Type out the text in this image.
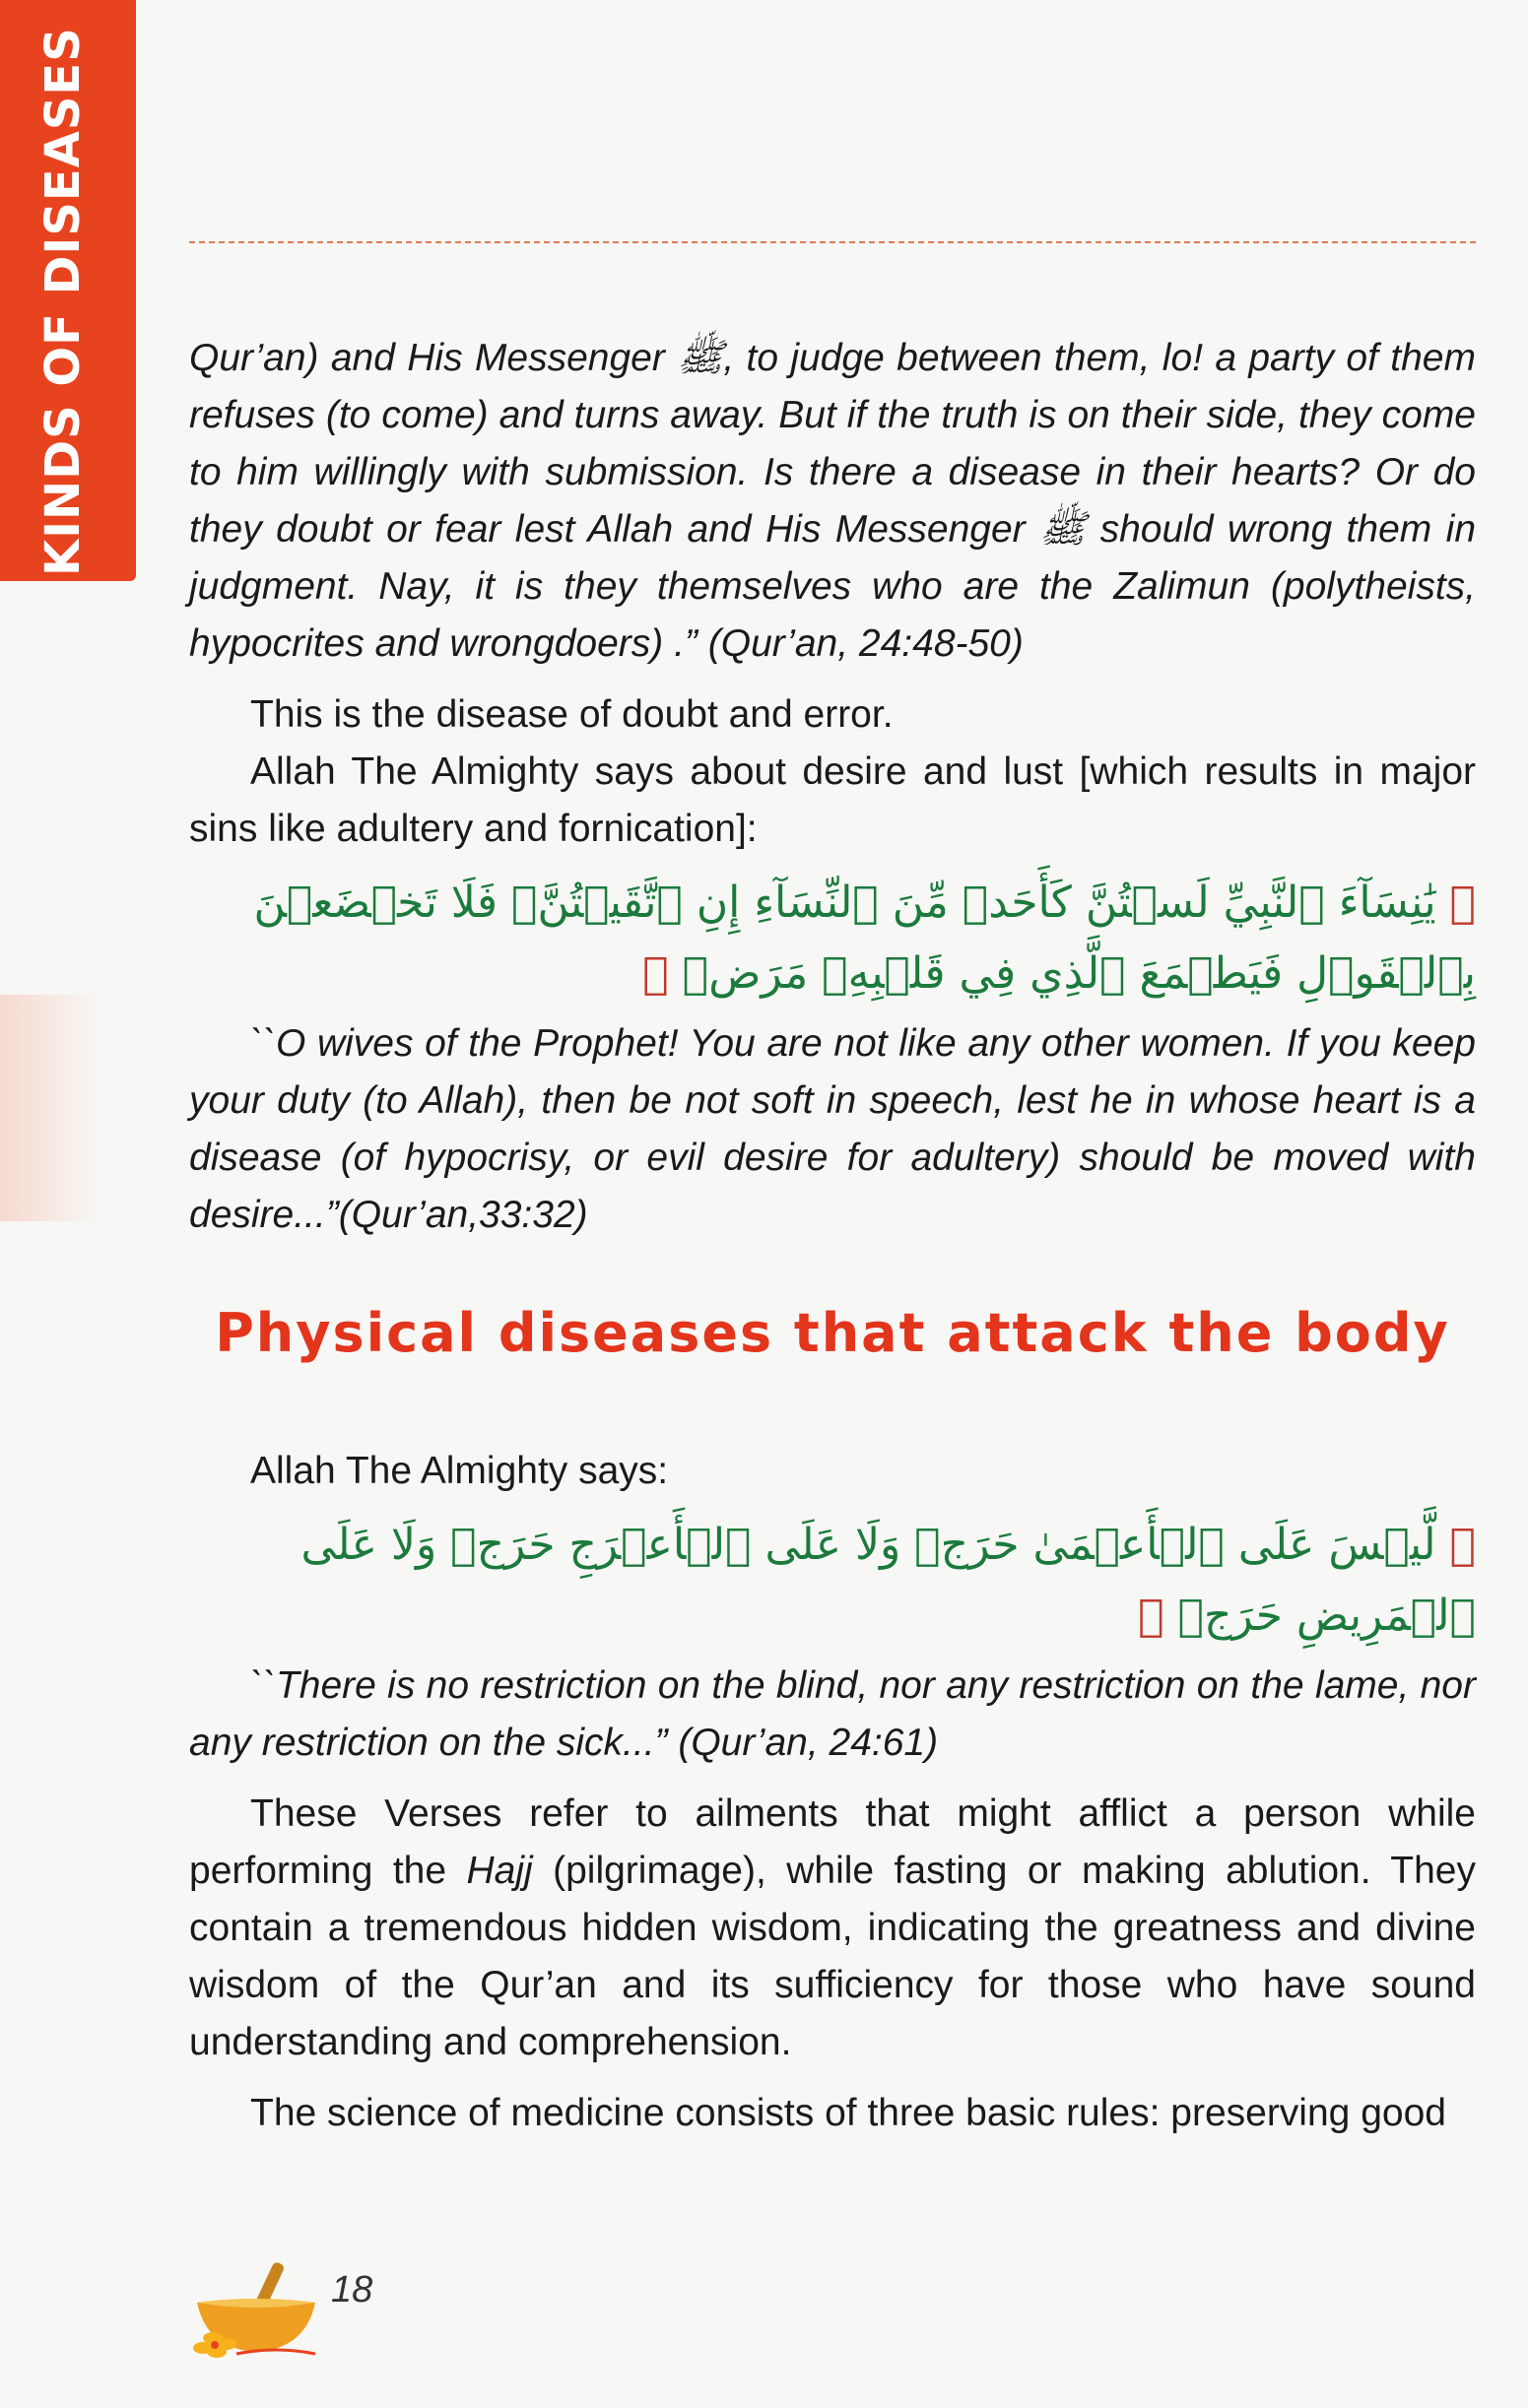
KINDS OF DISEASES	Qur’an) and His Messenger ﷺ, to judge between them, lo! a party of them refuses (to come) and turns away. But if the truth is on their side, they come to him willingly with submission. Is there a disease in their hearts? Or do they doubt or fear lest Allah and His Messenger ﷺ should wrong them in judgment. Nay, it is they themselves who are the Zalimun (polytheists, hypocrites and wrongdoers) .” (Qur’an, 24:48-50)

This is the disease of doubt and error.

Allah The Almighty says about desire and lust [which results in major sins like adultery and fornication]:

﴿ يَٰنِسَآءَ ٱلنَّبِيِّ لَسۡتُنَّ كَأَحَدٖ مِّنَ ٱلنِّسَآءِ إِنِ ٱتَّقَيۡتُنَّۚ فَلَا تَخۡضَعۡنَ بِٱلۡقَوۡلِ فَيَطۡمَعَ ٱلَّذِي فِي قَلۡبِهِۦ مَرَضٞ ﴾

``O wives of the Prophet! You are not like any other women. If you keep your duty (to Allah), then be not soft in speech, lest he in whose heart is a disease (of hypocrisy, or evil desire for adultery) should be moved with desire...”(Qur’an,33:32)

Physical diseases that attack the body

Allah The Almighty says:

﴿ لَّيۡسَ عَلَى ٱلۡأَعۡمَىٰ حَرَجٞ وَلَا عَلَى ٱلۡأَعۡرَجِ حَرَجٞ وَلَا عَلَى ٱلۡمَرِيضِ حَرَجٞ ﴾

``There is no restriction on the blind, nor any restriction on the lame, nor any restriction on the sick...” (Qur’an, 24:61)

These Verses refer to ailments that might afflict a person while performing the Hajj (pilgrimage), while fasting or making ablution. They contain a tremendous hidden wisdom, indicating the greatness and divine wisdom of the Qur’an and its sufficiency for those who have sound understanding and comprehension.

The science of medicine consists of three basic rules: preserving good

18
